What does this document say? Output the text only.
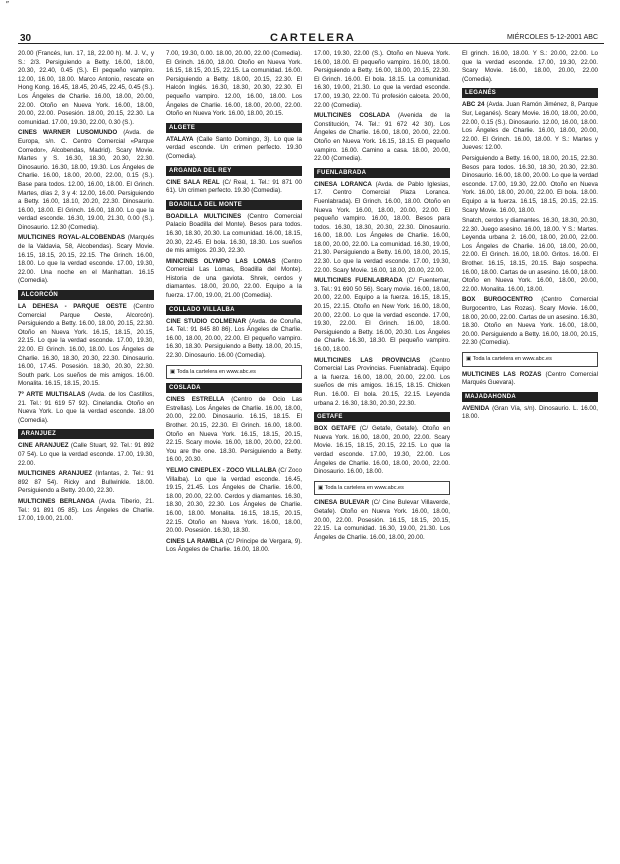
″
30	CARTELERA	MIÉRCOLES 5-12-2001 ABC

20.00 (Francés, lun. 17, 18, 22.00 h). M. J. V., y S.: 2/3. Persiguiendo a Betty. 16.00, 18.00, 20.30, 22.40, 0.45 (S.). El pequeño vampiro. 12.00, 16.00, 18.00. Marco Antonio, rescate en Hong Kong. 16.45, 18.45, 20.45, 22.45, 0.45 (S.). Los Ángeles de Charlie. 16.00, 18.00, 20.00, 22.00. Otoño en Nueva York. 16.00, 18.00, 20.00, 22.00. Posesión. 18.00, 20.15, 22.30. La comunidad. 17.00, 19.30, 22.00, 0.30 (S.).

CINES WARNER LUSOMUNDO (Avda. de Europa, s/n. C. Centro Comercial «Parque Corredor», Alcobendas, Madrid). Scary Movie. Martes y S. 16.30, 18.30, 20.30, 22.30. Dinosaurio. 16.30, 18.00, 19.30. Los Ángeles de Charlie. 16.00, 18.00, 20.00, 22.00, 0.15 (S.). Base para todos. 12.00, 16.00, 18.00. El Grinch. Martes, días 2, 3 y 4: 12.00, 16.00. Persiguiendo a Betty. 16.00, 18.10, 20.20, 22.30. Dinosaurio. 16.00, 18.00. El Grinch. 16.00, 18.00. Lo que la verdad esconde. 16.30, 19.00, 21.30, 0.00 (S.). Dinosaurio. 12.30 (Comedia).

MULTICINES ROYAL-ALCOBENDAS (Marqués de la Valdavia, 58, Alcobendas). Scary Movie. 16.15, 18.15, 20.15, 22.15. The Grinch. 16.00, 18.00. Lo que la verdad esconde. 17.00, 19.30, 22.00. Una noche en el Manhattan. 16.15 (Comedia).

ALCORCÓN

LA DEHESA - PARQUE OESTE (Centro Comercial Parque Oeste, Alcorcón). Persiguiendo a Betty. 16.00, 18.00, 20.15, 22.30. Otoño en Nueva York. 16.15, 18.15, 20.15, 22.15. Lo que la verdad esconde. 17.00, 19.30, 22.00. El Grinch. 16.00, 18.00. Los Ángeles de Charlie. 16.30, 18.30, 20.30, 22.30. Dinosaurio. 16.00, 17.45. Posesión. 18.30, 20.30, 22.30. South park. Los sueños de mis amigos. 16.00. Monalita. 16.15, 18.15, 20.15.

7º ARTE MULTISALAS (Avda. de los Castillos, 21. Tel.: 91 619 57 92). Cinelandia. Otoño en Nueva York. Lo que la verdad esconde. 18.00 (Comedia).

ARANJUEZ

CINE ARANJUEZ (Calle Stuart, 92. Tel.: 91 892 07 54). Lo que la verdad esconde. 17.00, 19.30, 22.00.

MULTICINES ARANJUEZ (Infantas, 2. Tel.: 91 892 87 54). Ricky and Bullwinkle. 18.00. Persiguiendo a Betty. 20.00, 22.30.

MULTICINES BERLANGA (Avda. Tiberio, 21. Tel.: 91 891 05 85). Los Ángeles de Charlie. 17.00, 19.00, 21.00.

7.00, 19.30, 0.00. 18.00, 20.00, 22.00 (Comedia). El Grinch. 16.00, 18.00. Otoño en Nueva York. 16.15, 18.15, 20.15, 22.15. La comunidad. 16.00. Persiguiendo a Betty. 18.00, 20.15, 22.30. El Halcón Inglés. 16.30, 18.30, 20.30, 22.30. El pequeño vampiro. 12.00, 16.00, 18.00. Los Ángeles de Charlie. 16.00, 18.00, 20.00, 22.00. Otoño en Nueva York. 16.00, 18.00, 20.15.

ALGETE

ATALAYA (Calle Santo Domingo, 3). Lo que la verdad esconde. Un crimen perfecto. 19.30 (Comedia).

ARGANDA DEL REY

CINE SALA REAL (C/ Real, 1. Tel.: 91 871 00 61). Un crimen perfecto. 19.30 (Comedia).

BOADILLA DEL MONTE

BOADILLA MULTICINES (Centro Comercial Palacio Boadilla del Monte). Besos para todos. 16.30, 18.30, 20.30. La comunidad. 16.00, 18.15, 20.30, 22.45. El bola. 16.30, 18.30. Los sueños de mis amigos. 20.30, 22.30.

MINICINES OLYMPO LAS LOMAS (Centro Comercial Las Lomas, Boadilla del Monte). Historia de una gaviota. Shrek, cerdos y diamantes. 18.00, 20.00, 22.00. Equipo a la fuerza. 17.00, 19.00, 21.00 (Comedia).

COLLADO VILLALBA

CINE STUDIO COLMENAR (Avda. de Coruña, 14. Tel.: 91 845 80 86). Los Ángeles de Charlie. 16.00, 18.00, 20.00, 22.00. El pequeño vampiro. 16.30, 18.30. Persiguiendo a Betty. 18.00, 20.15, 22.30. Dinosaurio. 16.00 (Comedia).

▣ Toda la cartelera en www.abc.es
COSLADA

CINES ESTRELLA (Centro de Ocio Las Estrellas). Los Ángeles de Charlie. 16.00, 18.00, 20.00, 22.00. Dinosaurio. 16.15, 18.15. El Brother. 20.15, 22.30. El Grinch. 16.00, 18.00. Otoño en Nueva York. 16.15, 18.15, 20.15, 22.15. Scary movie. 16.00, 18.00, 20.00, 22.00. You are the one. 18.30. Persiguiendo a Betty. 16.00, 20.30.

YELMO CINEPLEX - ZOCO VILLALBA (C/ Zoco Villalba). Lo que la verdad esconde. 16.45, 19.15, 21.45. Los Ángeles de Charlie. 16.00, 18.00, 20.00, 22.00. Cerdos y diamantes. 16.30, 18.30, 20.30, 22.30. Los Ángeles de Charlie. 16.00, 18.00. Monalita. 16.15, 18.15, 20.15, 22.15. Otoño en Nueva York. 16.00, 18.00, 20.00. Posesión. 16.30, 18.30.

CINES LA RAMBLA (C/ Principe de Vergara, 9). Los Ángeles de Charlie. 16.00, 18.00.

17.00, 19.30, 22.00 (S.). Otoño en Nueva York. 16.00, 18.00. El pequeño vampiro. 16.00, 18.00. Persiguiendo a Betty. 16.00, 18.00, 20.15, 22.30. El Grinch. 16.00. El bola. 18.15. La comunidad. 16.30, 19.00, 21.30. Lo que la verdad esconde. 17.00, 19.30, 22.00. Tú profesión calceta. 20.00, 22.00 (Comedia).

MULTICINES COSLADA (Avenida de la Constitución, 74. Tel.: 91 672 42 30). Los Ángeles de Charlie. 16.00, 18.00, 20.00, 22.00. Otoño en Nueva York. 16.15, 18.15. El pequeño vampiro. 16.00. Camino a casa. 18.00, 20.00, 22.00 (Comedia).

FUENLABRADA

CINESA LORANCA (Avda. de Pablo Iglesias, 17. Centro Comercial Plaza Loranca. Fuenlabrada). El Grinch. 16.00, 18.00. Otoño en Nueva York. 16.00, 18.00, 20.00, 22.00. El pequeño vampiro. 16.00, 18.00. Besos para todos. 16.30, 18.30, 20.30, 22.30. Dinosaurio. 16.00, 18.00. Los Ángeles de Charlie. 16.00, 18.00, 20.00, 22.00. La comunidad. 16.30, 19.00, 21.30. Persiguiendo a Betty. 16.00, 18.00, 20.15, 22.30. Lo que la verdad esconde. 17.00, 19.30, 22.00. Scary Movie. 16.00, 18.00, 20.00, 22.00.

MULTICINES FUENLABRADA (C/ Fuentemar, 3. Tel.: 91 690 50 56). Scary movie. 16.00, 18.00, 20.00, 22.00. Equipo a la fuerza. 16.15, 18.15, 20.15, 22.15. Otoño en New York. 16.00, 18.00, 20.00, 22.00. Lo que la verdad esconde. 17.00, 19.30, 22.00. El Grinch. 16.00, 18.00. Persiguiendo a Betty. 16.00, 20.30. Los Ángeles de Charlie. 16.30, 18.30. El pequeño vampiro. 16.00, 18.00.

MULTICINES LAS PROVINCIAS (Centro Comercial Las Provincias. Fuenlabrada). Equipo a la fuerza. 16.00, 18.00, 20.00, 22.00. Los sueños de mis amigos. 16.15, 18.15. Chicken Run. 16.00. El bola. 20.15, 22.15. Leyenda urbana 2. 16.30, 18.30, 20.30, 22.30.

GETAFE

BOX GETAFE (C/ Getafe, Getafe). Otoño en Nueva York. 16.00, 18.00, 20.00, 22.00. Scary Movie. 16.15, 18.15, 20.15, 22.15. Lo que la verdad esconde. 17.00, 19.30, 22.00. Los Ángeles de Charlie. 16.00, 18.00, 20.00, 22.00. Dinosaurio. 16.00, 18.00.

▣ Toda la cartelera en www.abc.es

CINESA BULEVAR (C/ Cine Bulevar Villaverde, Getafe). Otoño en Nueva York. 16.00, 18.00, 20.00, 22.00. Posesión. 16.15, 18.15, 20.15, 22.15. La comunidad. 16.30, 19.00, 21.30. Los Ángeles de Charlie. 16.00, 18.00, 20.00.

El grinch. 16.00, 18.00. Y S.: 20.00, 22.00. Lo que la verdad esconde. 17.00, 19.30, 22.00. Scary Movie. 16.00, 18.00, 20.00, 22.00 (Comedia).

LEGANÉS

ABC 24 (Avda. Juan Ramón Jiménez, 8, Parque Sur, Leganés). Scary Movie. 16.00, 18.00, 20.00, 22.00, 0.15 (S.). Dinosaurio. 12.00, 16.00, 18.00. Los Ángeles de Charlie. 16.00, 18.00, 20.00, 22.00. El Grinch. 16.00, 18.00. Y S.: Martes y Jueves: 12.00.

Persiguiendo a Betty. 16.00, 18.00, 20.15, 22.30. Besos para todos. 16.30, 18.30, 20.30, 22.30. Dinosaurio. 16.00, 18.00, 20.00. Lo que la verdad esconde. 17.00, 19.30, 22.00. Otoño en Nueva York. 16.00, 18.00, 20.00, 22.00. El bola. 18.00. Equipo a la fuerza. 16.15, 18.15, 20.15, 22.15. Scary Movie. 16.00, 18.00.

Snatch, cerdos y diamantes. 16.30, 18.30, 20.30, 22.30. Juego asesino. 16.00, 18.00. Y S.: Martes. Leyenda urbana 2. 16.00, 18.00, 20.00, 22.00. Los Ángeles de Charlie. 16.00, 18.00, 20.00, 22.00. El Grinch. 16.00, 18.00. Gritos. 16.00. El Brother. 16.15, 18.15, 20.15. Bajo sospecha. 16.00, 18.00. Cartas de un asesino. 16.00, 18.00. Otoño en Nueva York. 16.00, 18.00, 20.00, 22.00. Monalita. 16.00, 18.00.

BOX BURGOCENTRO (Centro Comercial Burgocentro, Las Rozas). Scary Movie. 16.00, 18.00, 20.00, 22.00. Cartas de un asesino. 16.30, 18.30. Otoño en Nueva York. 16.00, 18.00, 20.00. Persiguiendo a Betty. 16.00, 18.00, 20.15, 22.30 (Comedia).

▣ Toda la cartelera en www.abc.es

MULTICINES LAS ROZAS (Centro Comercial Marqués Guevara).

MAJADAHONDA

AVENIDA (Gran Vía, s/n). Dinosaurio. L. 16.00, 18.00.
